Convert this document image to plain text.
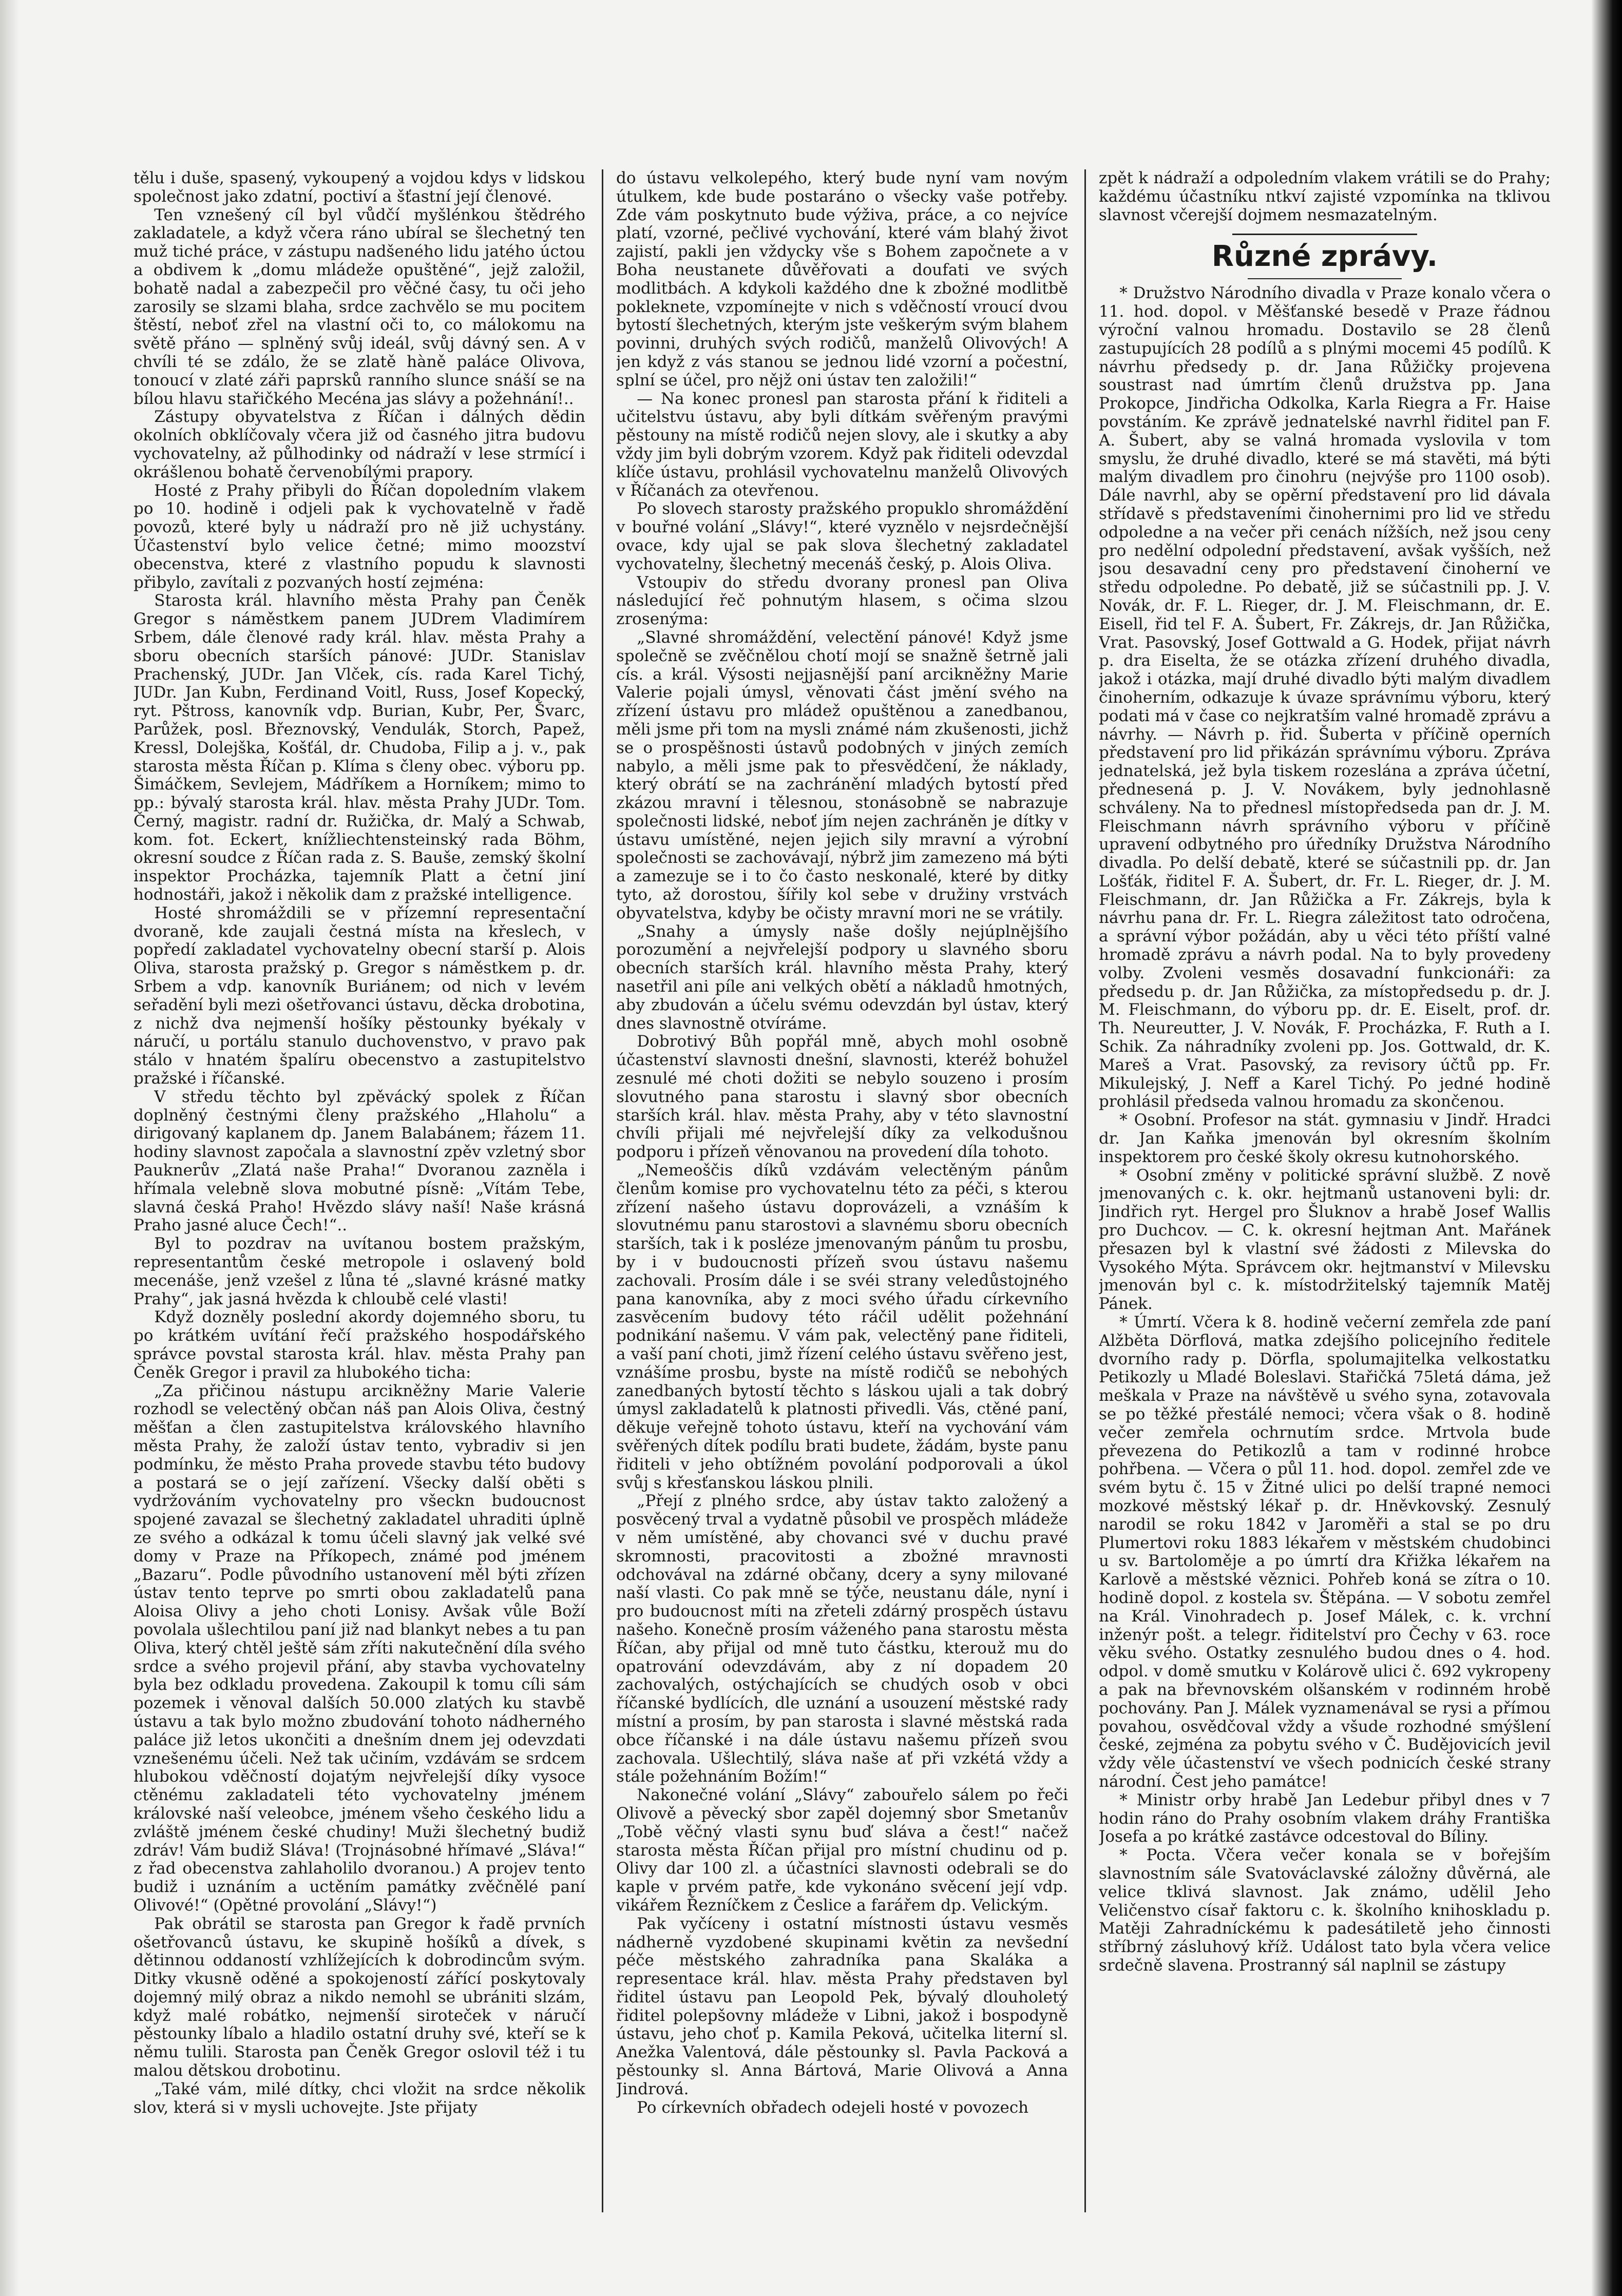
tělu i duše, spasený, vykoupený a vojdou kdys v lidskou společnost jako zdatní, poctiví a šťastní její členové.

Ten vznešený cíl byl vůdčí myšlénkou štědrého zakladatele, a když včera ráno ubíral se šlechetný ten muž tiché práce, v zástupu nadšeného lidu jatého úctou a obdivem k „domu mládeže opuštěné“, jejž založil, bohatě nadal a zabezpečil pro věčné časy, tu oči jeho zarosily se slzami blaha, srdce zachvělo se mu pocitem štěstí, neboť zřel na vlastní oči to, co málokomu na světě přáno — splněný svůj ideál, svůj dávný sen. A v chvíli té se zdálo, že se zlatě hàně paláce Olivova, tonoucí v zlaté záři paprsků ranního slunce snáší se na bílou hlavu stařičkého Mecéna jas slávy a požehnání!..

Zástupy obyvatelstva z Říčan i dálných dědin okolních obklíčovaly včera již od časného jitra budovu vychovatelny, až půlhodinky od nádraží v lese strmící i okrášlenou bohatě červenobílými prapory.

Hosté z Prahy přibyli do Říčan dopoledním vlakem po 10. hodině i odjeli pak k vychovatelně v řadě povozů, které byly u nádraží pro ně již uchystány. Účastenství bylo velice četné; mimo moozství obecenstva, které z vlastního popudu k slavnosti přibylo, zavítali z pozvaných hostí zejména:

Starosta král. hlavního města Prahy pan Čeněk Gregor s náměstkem panem JUDrem Vladimírem Srbem, dále členové rady král. hlav. města Prahy a sboru obecních starších pánové: JUDr. Stanislav Prachenský, JUDr. Jan Vlček, cís. rada Karel Tichý, JUDr. Jan Kubn, Ferdinand Voitl, Russ, Josef Kopecký, ryt. Pštross, kanovník vdp. Burian, Kubr, Per, Švarc, Parůžek, posl. Březnovský, Vendulák, Storch, Papež, Kressl, Dolejška, Košťál, dr. Chudoba, Filip a j. v., pak starosta města Říčan p. Klíma s členy obec. výboru pp. Šimáčkem, Sevlejem, Mádříkem a Horníkem; mimo to pp.: bývalý starosta král. hlav. města Prahy JUDr. Tom. Černý, magistr. radní dr. Ružička, dr. Malý a Schwab, kom. fot. Eckert, knížliechtensteinský rada Böhm, okresní soudce z Říčan rada z. S. Bauše, zemský školní inspektor Procházka, tajemník Platt a četní jiní hodnostáři, jakož i několik dam z pražské intelligence.

Hosté shromáždili se v přízemní representační dvoraně, kde zaujali čestná místa na křeslech, v popředí zakladatel vychovatelny obecní starší p. Alois Oliva, starosta pražský p. Gregor s náměstkem p. dr. Srbem a vdp. kanovník Buriánem; od nich v levém seřadění byli mezi ošetřovanci ústavu, děcka drobotina, z nichž dva nejmenší hošíky pěstounky byékaly v náručí, u portálu stanulo duchovenstvo, v pravo pak stálo v hnatém špalíru obecenstvo a zastupitelstvo pražské i říčanské.

V středu těchto byl zpěvácký spolek z Říčan doplněný čestnými členy pražského „Hlaholu“ a dirigovaný kaplanem dp. Janem Balabánem; řázem 11. hodiny slavnost započala a slavnostní zpěv vzletný sbor Pauknerův „Zlatá naše Praha!“ Dvoranou zazněla i hřímala velebně slova mobutné písně: „Vítám Tebe, slavná česká Praho! Hvězdo slávy naší! Naše krásná Praho jasné aluce Čech!“..

Byl to pozdrav na uvítanou bostem pražským, representantům české metropole i oslavený bold mecenáše, jenž vzešel z lůna té „slavné krásné matky Prahy“, jak jasná hvězda k chloubě celé vlasti!

Když dozněly poslední akordy dojemného sboru, tu po krátkém uvítání řečí pražského hospodářského správce povstal starosta král. hlav. města Prahy pan Čeněk Gregor i pravil za hlubokého ticha:

„Za přičinou nástupu arcikněžny Marie Valerie rozhodl se velectěný občan náš pan Alois Oliva, čestný měšťan a člen zastupitelstva královského hlavního města Prahy, že založí ústav tento, vybradiv si jen podmínku, že město Praha provede stavbu této budovy a postará se o její zařízení. Všecky další oběti s vydržováním vychovatelny pro všeckn budoucnost spojené zavazal se šlechetný zakladatel uhraditi úplně ze svého a odkázal k tomu účeli slavný jak velké své domy v Praze na Příkopech, známé pod jménem „Bazaru“. Podle původního ustanovení měl býti zřízen ústav tento teprve po smrti obou zakladatelů pana Aloisa Olivy a jeho choti Lonisy. Avšak vůle Boží povolala ušlechtilou paní již nad blankyt nebes a tu pan Oliva, který chtěl ještě sám zříti nakutečnění díla svého srdce a svého projevil přání, aby stavba vychovatelny byla bez odkladu provedena. Zakoupil k tomu cíli sám pozemek i věnoval dalších 50.000 zlatých ku stavbě ústavu a tak bylo možno zbudování tohoto nádherného paláce již letos ukončiti a dnešním dnem jej odevzdati vznešenému účeli. Než tak učiním, vzdávám se srdcem hlubokou vděčností dojatým nejvřelejší díky vysoce ctěnému zakladateli této vychovatelny jménem královské naší veleobce, jménem všeho českého lidu a zvláště jménem české chudiny! Muži šlechetný budiž zdráv! Vám budiž Sláva! (Trojnásobné hřímavé „Sláva!“ z řad obecenstva zahlaholilo dvoranou.) A projev tento budiž i uznáním a uctěním památky zvěčnělé paní Olivové!“ (Opětné provolání „Slávy!“)

Pak obrátil se starosta pan Gregor k řadě prvních ošetřovanců ústavu, ke skupině hošíků a dívek, s dětinnou oddaností vzhlížejících k dobrodincům svým. Ditky vkusně oděné a spokojeností zářící poskytovaly dojemný milý obraz a nikdo nemohl se ubrániti slzám, když malé robátko, nejmenší sirotеček v náručí pěstounky líbalo a hladilo ostatní druhy své, kteří se k němu tulili. Starosta pan Čeněk Gregor oslovil též i tu malou dětskou drobotinu.

„Také vám, milé dítky, chci vložit na srdce několik slov, která si v mysli uchovejte. Jste přijaty

do ústavu velkolepého, který bude nyní vam novým útulkem, kde bude postaráno o všecky vaše potřeby. Zde vám poskytnuto bude výživa, práce, a co nejvíce platí, vzorné, pečlivé vychování, které vám blahý život zajistí, pakli jen vždycky vše s Bohem započnete a v Boha neustanete důvěřovati a doufati ve svých modlitbách. A kdykoli každého dne k zbožné modlitbě pokleknete, vzpomínejte v nich s vděčností vroucí dvou bytostí šlechetných, kterým jste veškerým svým blahem povinni, druhých svých rodičů, manželů Olivových! A jen když z vás stanou se jednou lidé vzorní a počestní, splní se účel, pro nějž oni ústav ten založili!“

— Na konec pronesl pan starosta přání k řiditeli a učitelstvu ústavu, aby byli dítkám svěřeným pravými pěstouny na místě rodičů nejen slovy, ale i skutky a aby vždy jim byli dobrým vzorem. Když pak řiditeli odevzdal klíče ústavu, prohlásil vychovatelnu manželů Olivových v Říčanách za otevřenou.

Po slovech starosty pražského propuklo shromáždění v bouřné volání „Slávy!“, které vyznělo v nejsrdečnější ovace, kdy ujal se pak slova šlechetný zakladatel vychovatelny, šlechetný mecenáš český, p. Alois Oliva.

Vstoupiv do středu dvorany pronesl pan Oliva následující řeč pohnutým hlasem, s očima slzou zrosenýma:

„Slavné shromáždění, velectění pánové! Když jsme společně se zvěčnělou chotí mojí se snažně šetrně jali cís. a král. Výsosti nejjasnější paní arcikněžny Marie Valerie pojali úmysl, věnovati část jmění svého na zřízení ústavu pro mládež opuštěnou a zanedbanou, měli jsme při tom na mysli známé nám zkušenosti, jichž se o prospěšnosti ústavů podobných v jiných zemích nabylo, a měli jsme pak to přesvědčení, že nákladу, který obrátí se na zachránění mladých bytostí před zkázou mravní i tělesnou, stonásobně se nabrazuje společnosti lidské, neboť jím nejen zachráněn je dítky v ústavu umístěné, nejen jejich sily mravní a výrobní společnosti se zachovávají, nýbrž jim zamezeno má býti a zamezuje se i to čo často neskonalé, které by ditky tyto, až dorostou, šířily kol sebe v družiny vrstvách obyvatelstva, kdyby be očisty mravní mori ne se vrátily.

„Snahy a úmysly naše došly nejúplnějšího porozumění a nejvřelejší podpory u slavného sboru obecních starších král. hlavního města Prahy, který nasetřil ani píle ani velkých obětí a nákladů hmotných, aby zbudován a účelu svému odevzdán byl ústav, který dnes slavnostně otvíráme.

Dobrotivý Bůh popřál mně, abych mohl osobně účastenství slavnosti dnešní, slavnosti, kteréž bohužel zesnulé mé choti dožiti se nebylo souzeno i prosím slovutného pana starostu i slavný sbor obecních starších král. hlav. města Prahy, aby v této slavnostní chvíli přijali mé nejvřelejší díky za velkodušnou podporu i přízeň věnovanou na provedení díla tohoto.

„Nemeoščis díků vzdávám velectěným pánům členům komise pro vychovatelnu této za péči, s kterou zřízení našeho ústavu doprovázeli, a vznáším k slovutnému panu starostovi a slavnému sboru obecních starších, tak i k posléze jmenovaným pánům tu prosbu, by i v budoucnosti přízeň svou ústavu našemu zachovali. Prosím dále i se svéi strany veledůstojného pana kanovníka, aby z moci svého úřadu církevního zasvěcením budovy této ráčil udělit požehnání podnikání našemu. V vám pak, velectěný pane řiditeli, a vaší paní choti, jimž řízení celého ústavu svěřeno jest, vznášíme prosbu, byste na místě rodičů se nebohých zanedbaných bytostí těchto s láskou ujali a tak dobrý úmysl zakladatelů k platnosti přivedli. Vás, ctěné paní, děkuje veřejně tohoto ústavu, kteří na vychování vám svěřených dítek podílu brati budete, žádám, byste panu řiditeli v jeho obtížném povolání podporovali a úkol svůj s křesťanskou láskou plnili.

„Přejí z plného srdce, aby ústav takto založený a posvěcený trval a vydatně působil ve prospěch mládeže v něm umístěné, aby chovanci své v duchu pravé skromnosti, pracovitosti a zbožné mravnosti odchovával na zdárné občany, dcery a syny milované naší vlasti. Co pak mně se týče, neustanu dále, nyní i pro budoucnost míti na zřeteli zdárný prospěch ústavu našeho. Konečně prosím váženého pana starostu města Říčan, aby přijal od mně tuto částku, kterouž mu do opatrování odevzdávám, aby z ní dopadem 20 zachovalých, ostýchajících se chudých osob v obci říčanské bydlících, dle uznání a usouzení městské rady místní a prosím, by pan starosta i slavné městská rada obce říčanské i na dále ústavu našemu přízeň svou zachovala. Ušlechtilý, sláva naše ať při vzkétá vždy a stále požehnáním Božím!“

Nakonečné volání „Slávy“ zabouřelo sálem po řeči Olivově a pěvecký sbor zapěl dojemný sbor Smetanův „Tobě věčný vlasti synu buď sláva a čest!“ načež starosta města Říčan přijal pro místní chudinu od p. Olivy dar 100 zl. a účastníci slavnosti odebrali se do kaple v prvém patře, kde vykonáno svěcení její vdp. vikářem Řezníčkem z Česlice a farářem dp. Velickým.

Pak vyčíceny i ostatní místnosti ústavu vesměs nádherně vyzdobené skupinami květin za nevšední péče městského zahradníka pana Skaláka a representace král. hlav. města Prahy představen byl řiditel ústavu pan Leopold Pek, bývalý dlouholetý řiditel polepšovny mládeže v Libni, jakož i bospodyně ústavu, jeho choť p. Kamila Peková, učitelka literní sl. Anežka Valentová, dále pěstounky sl. Pavla Packová a pěstounky sl. Anna Bártová, Marie Olivová a Anna Jindrová.

Po církevních obřadech odejeli hosté v povozech

zpět k nádraží a odpoledním vlakem vrátili se do Prahy; každému účastníku ntkví zajisté vzpomínka na tklivou slavnost včerejší dojmem nesmazatelným.

Různé zprávy.

* Družstvo Národního divadla v Praze konalo včera o 11. hod. dopol. v Měšťanské besedě v Praze řádnou výroční valnou hromadu. Dostavilo se 28 členů zastupujících 28 podílů a s plnými mocemi 45 podílů. K návrhu předsedy p. dr. Jana Růžičky projevena soustrast nad úmrtím členů družstva pp. Jana Prokopce, Jindřicha Odkolka, Karla Riegra a Fr. Haise povstáním. Ke zprávě jednatelské navrhl řiditel pan F. A. Šubert, aby se valná hromada vyslovila v tom smyslu, že druhé divadlo, které se má stavěti, má býti malým divadlem pro činohru (nejvýše pro 1100 osob). Dále navrhl, aby se opěrní představení pro lid dávala střídavě s představeními činohernimi pro lid ve středu odpoledne a na večer při cenách nížších, než jsou ceny pro nedělní odpolední představení, avšak vyšších, než jsou desavadní ceny pro představení činoherní ve středu odpoledne. Po debatě, již se súčastnili pp. J. V. Novák, dr. F. L. Rieger, dr. J. M. Fleischmann, dr. E. Eisell, řid tel F. A. Šubert, Fr. Zákrejs, dr. Jan Růžička, Vrat. Pasovský, Josef Gottwald a G. Hodek, přijat návrh p. dra Eiselta, že se otázka zřízení druhého divadla, jakož i otázka, mají druhé divadlo býti malým divadlem činoherním, odkazuje k úvaze správnímu výboru, který podati má v čase co nejkratším valné hromadě zprávu a návrhy. — Návrh p. řid. Šuberta v příčině operních představení pro lid přikázán správnímu výboru. Zpráva jednatelská, jež byla tiskem rozeslána a zpráva účetní, přednesená p. J. V. Novákem, byly jednohlasně schváleny. Na to přednesl místopředseda pan dr. J. M. Fleischmann návrh správního výboru v příčině upravení odbytného pro úředníky Družstva Národního divadla. Po delší debatě, které se súčastnili pp. dr. Jan Lošťák, řiditel F. A. Šubert, dr. Fr. L. Rieger, dr. J. M. Fleischmann, dr. Jan Růžička a Fr. Zákrejs, byla k návrhu pana dr. Fr. L. Riegra záležitost tato odročena, a správní výbor požádán, aby u věci této příští valné hromadě zprávu a návrh podal. Na to byly provedeny volby. Zvoleni vesměs dosavadní funkcionáři: za předsedu p. dr. Jan Růžička, za místopředsedu p. dr. J. M. Fleischmann, do výboru pp. dr. E. Eiselt, prof. dr. Th. Neureutter, J. V. Novák, F. Procházka, F. Ruth a I. Schik. Za náhradníky zvoleni pp. Jos. Gottwald, dr. K. Mareš a Vrat. Pasovský, za revisory účtů pp. Fr. Mikulejský, J. Neff a Karel Tichý. Po jedné hodině prohlásil předseda valnou hromadu za skončenou.

* Osobní. Profesor na stát. gymnasiu v Jindř. Hradci dr. Jan Kaňka jmenován byl okresním školním inspektorem pro české školy okresu kutnohorského.

* Osobní změny v politické správní službě. Z nově jmenovaných c. k. okr. hejtmanů ustanoveni byli: dr. Jindřich ryt. Hergel pro Šluknov a hrabě Josef Wallis pro Duchcov. — C. k. okresní hejtman Ant. Mařánek přesazen byl k vlastní své žádosti z Milevska do Vysokého Mýta. Správcem okr. hejtmanství v Milevsku jmenován byl c. k. místodržitelský tajemník Matěj Pánek.

* Úmrtí. Včera k 8. hodině večerní zemřela zde paní Alžběta Dörflová, matka zdejšího policejního ředitele dvorního rady p. Dörfla, spolumajitelka velkostatku Petikozly u Mladé Boleslavi. Stařičká 75letá dáma, jež meškala v Praze na návštěvě u svého syna, zotavovala se po těžké přestálé nemoci; včera však o 8. hodině večer zemřela ochrnutím srdce. Mrtvola bude převezena do Petikozlů a tam v rodinné hrobce pohřbena. — Včera o půl 11. hod. dopol. zemřel zde ve svém bytu č. 15 v Žitné ulici po delší trapné nemoci mozkové městský lékař p. dr. Hněvkovský. Zesnulý narodil se roku 1842 v Jaroměři a stal se po dru Plumertovi roku 1883 lékařem v městském chudobinci u sv. Bartoloměje a po úmrtí dra Křižka lékařem na Karlově a městské věznici. Pohřeb koná se zítra o 10. hodině dopol. z kostela sv. Štěpána. — V sobotu zemřel na Král. Vinohradech p. Josef Málek, c. k. vrchní inženýr pošt. a telegr. řiditelství pro Čechy v 63. roce věku svého. Ostatky zesnulého budou dnes o 4. hod. odpol. v domě smutku v Kolárově ulici č. 692 vykropeny a pak na břevnovském olšanském v rodinném hrobě pochovány. Pan J. Málek vyznamenával se rysi a přímou povahou, osvědčoval vždy a všude rozhodné smýšlení české, zejména za pobytu svého v Č. Budějovicích jevil vždy věle účastenství ve všech podnicích české strany národní. Čest jeho památce!

* Ministr orby hrabě Jan Ledebur přibyl dnes v 7 hodin ráno do Prahy osobním vlakem dráhy Františka Josefa a po krátké zastávce odcestoval do Bíliny.

* Pocta. Včera večer konala se v bořejším slavnostním sále Svatováclavské záložny důvěrná, ale velice tklivá slavnost. Jak známo, udělil Jeho Veličenstvo císař faktoru c. k. školního knihoskladu p. Matěji Zahradníckému k padesátiletě jeho činnosti stříbrný zásluhový kříž. Událost tato byla včera velice srdečně slavena. Prostranný sál naplnil se zástupy
